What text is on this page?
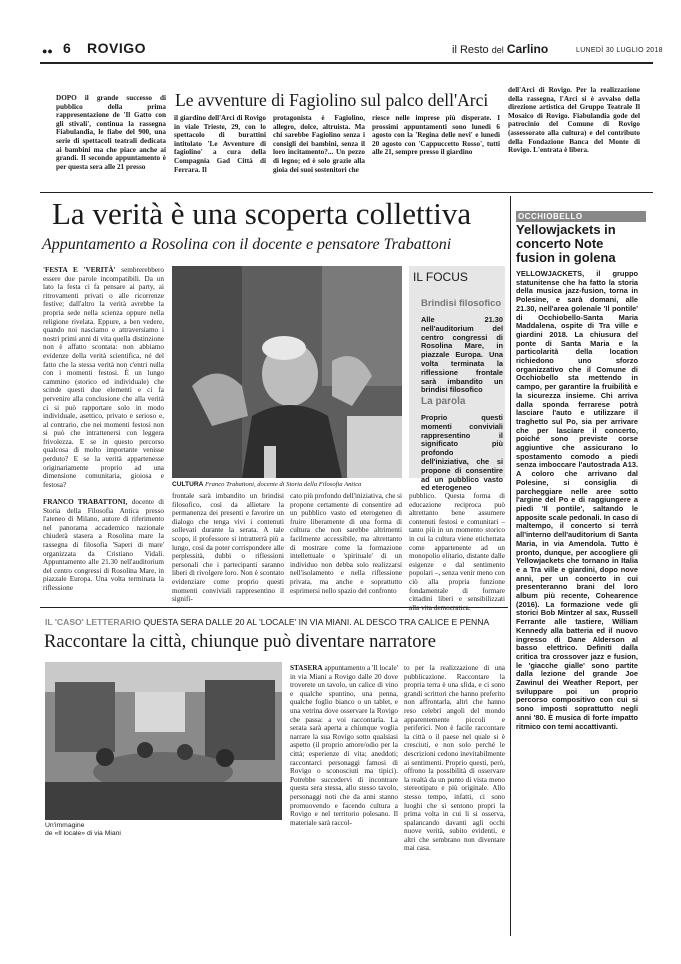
●● 6 ROVIGO	il Resto del Carlino	LUNEDÌ 30 LUGLIO 2018
DOPO il grande successo di pubblico della prima rappresentazione de 'Il Gatto con gli stivali', continua la rassegna Fiabulandia, le fiabe del 900, una serie di spettacoli teatrali dedicata ai bambini ma che piace anche ai grandi. Il secondo appuntamento è per questa sera alle 21 presso
Le avventure di Fagiolino sul palco dell'Arci
il giardino dell'Arci di Rovigo in viale Trieste, 29, con lo spettacolo di burattini intitolato 'Le Avventure di fagiolino' a cura della Compagnia Gad Città di Ferrara. Il
protagonista è Fagiolino, allegro, dolce, altruista. Ma chi sarebbe Fagiolino senza i consigli dei bambini, senza il loro incitamento?... Un pezzo di legno; ed è solo grazie alla gioia dei suoi sostenitori che
riesce nelle imprese più disperate. I prossimi appuntamenti sono lunedì 6 agosto con la 'Regina delle nevi' e lunedì 20 agosto con 'Cappuccetto Rosso', tutti alle 21, sempre presso il giardino
dell'Arci di Rovigo. Per la realizzazione della rassegna, l'Arci si è avvalso della direzione artistica del Gruppo Teatrale Il Mosaico di Rovigo. Fiabulandia gode del patrocinio del Comune di Rovigo (assessorato alla cultura) e del contributo della Fondazione Banca del Monte di Rovigo. L'entrata è libera.
La verità è una scoperta collettiva
Appuntamento a Rosolina con il docente e pensatore Trabattoni
'FESTA E 'VERITÀ' sembrerebbero essere due parole incompatibili. Da un lato la festa ci fa pensare ai party, ai ritrovamenti privati o alle ricorrenze festive; dall'altro la verità avrebbe la propria sede nella scienza oppure nella religione rivelata. Eppure, a ben vedere, quando noi nasciamo e attraversiamo i nostri primi anni di vita quella distinzione non è affatto scontata: non abbiamo evidenze della verità scientifica, né del fatto che la stessa verità non c'entri nulla con i momenti festosi. È un lungo cammino (storico ed individuale) che scinde questi due elementi e ci fa pervenire alla conclusione che alla verità ci si può rapportare solo in modo individuale, asettico, privato e serioso e, al contrario, che nei momenti festosi non si può che intrattenersi con leggera frivolezza. E se in questo percorso qualcosa di molto importante venisse perduto? E se la verità appartenesse originariamente proprio ad una dimensione comunitaria, gioiosa e festosa?
FRANCO TRABATTONI, docente di Storia della Filosofia Antica presso l'ateneo di Milano, autore di riferimento nel panorama accademico nazionale chiuderà stasera a Rosolina mare la rassegna di filosofia 'Saperi di mare' organizzata da Cristiano Vidali. Appuntamento alle 21.30 nell'auditorium del centro congressi di Rosolina Mare, in piazzale Europa. Una volta terminata la riflessione
CULTURA Franco Trabattoni, docente di Storia della Filosofia Antica
IL FOCUS
Brindisi filosofico
Alle 21.30 nell'auditorium del centro congressi di Rosolina Mare, in piazzale Europa. Una volta terminata la riflessione frontale sarà imbandito un brindisi filosofico
La parola
Proprio questi momenti conviviali rappresentino il significato più profondo dell'iniziativa, che si propone di consentire ad un pubblico vasto ed eterogeneo
frontale sarà imbandito un brindisi filosofico, così da allietare la permanenza dei presenti e favorire un dialogo che tenga vivi i contenuti sollevati durante la serata. A tale scopo, il professore si intratterrà più a lungo, così da poter corrispondere alle perplessità, dubbi o riflessioni personali che i partecipanti saranno liberi di rivolgere loro. Non è scontato evidenziare come proprio questi momenti conviviali rappresentino il signifi-
cato più profondo dell'iniziativa, che si propone certamente di consentire ad un pubblico vasto ed eterogeneo di fruire liberamente di una forma di cultura che non sarebbe altrimenti facilmente accessibile, ma altrettanto di mostrare come la formazione intellettuale e 'spirituale' di un individuo non debba solo realizzarsi nell'isolamento e nella riflessione privata, ma anche e soprattutto esprimersi nello spazio del confronto
pubblico. Questa forma di educazione reciproca può altrettanto bene assumere contenuti festosi e comunitari – tanto più in un momento storico in cui la cultura viene etichettata come appartenente ad un monopolio elitario, distante dalle esigenze e dal sentimento popolari –, senza venir meno con ciò alla propria funzione fondamentale di formare cittadini liberi e sensibilizzati
OCCHIOBELLO
Yellowjackets in concerto Note fusion in golena
YELLOWJACKETS, il gruppo statunitense che ha fatto la storia della musica jazz-fusion, torna in Polesine, e sarà domani, alle 21.30, nell'area golenale 'Il pontile' di Occhiobello-Santa Maria Maddalena, ospite di Tra ville e giardini 2018. La chiusura del ponte di Santa Maria e la particolarità della location richiedono uno sforzo organizzativo che il Comune di Occhiobello sta mettendo in campo, per garantire la fruibilità e la sicurezza insieme. Chi arriva dalla sponda ferrarese potrà lasciare l'auto e utilizzare il traghetto sul Po, sia per arrivare che per lasciare il concerto, poiché sono previste corse aggiuntive che assicurano lo spostamento comodo a piedi senza imboccare l'autostrada A13. A coloro che arrivano dal Polesine, si consiglia di parcheggiare nelle aree sotto l'argine del Po e di raggiungere a piedi 'Il pontile', saltando le apposite scale pedonali. In caso di maltempo, il concerto si terrà all'interno dell'auditorium di Santa Maria, in via Amendola. Tutto è pronto, dunque, per accogliere gli Yellowjackets che tornano in Italia e a Tra ville e giardini, dopo nove anni, per un concerto in cui presenteranno brani del loro album più recente, Cohearence (2016). La formazione vede gli storici Bob Mintzer al sax, Russell Ferrante alle tastiere, William Kennedy alla batteria ed il nuovo ingresso di Dane Alderson al basso elettrico. Definiti dalla critica tra crossover jazz e fusion, le 'giacche gialle' sono partite dalla lezione del grande Joe Zawinul dei Weather Report, per sviluppare poi un proprio percorso compositivo con cui si sono imposti soprattutto negli anni '80. È musica di forte impatto ritmico con temi accattivanti.
IL 'CASO' LETTERARIO QUESTA SERA DALLE 20 AL 'LOCALE' IN VIA MIANI. AL DESCO TRA CALICE E PENNA
Raccontare la città, chiunque può diventare narratore
Un'immagine
de «Il locale» di via Miani
STASERA appuntamento a 'Il locale' in via Miani a Rovigo dalle 20 dove troverete un tavolo, un calice di vino e qualche spuntino, una penna, qualche foglio bianco o un tablet, e una vetrina dove osservare la Rovigo che passa: a voi raccontarla. La serata sarà aperta a chiunque voglia narrare la sua Rovigo sotto qualsiasi aspetto (il proprio amore/odio per la città; esperienze di vita; aneddoti; raccontarci personaggi famosi di Rovigo o sconosciuti ma tipici). Potrebbe succedervi di incontrare questa sera stessa, allo stesso tavolo, personaggi noti che da anni stanno promuovendo e facendo cultura a Rovigo e nel territorio polesano. Il materiale sarà raccol-
to per la realizzazione di una pubblicazione. Raccontare la propria terra è una sfida, e ci sono grandi scrittori che hanno preferito non affrontarla, altri che hanno reso celebri angoli del mondo apparentemente piccoli e periferici. Non è facile raccontare la città o il paese nel quale si è cresciuti, e non solo perché le descrizioni cedono inevitabilmente ai sentimenti. Proprio questi, però, offrono la possibilità di osservare la realtà da un punto di vista meno stereotipato e più originale. Allo stesso tempo, infatti, ci sono luoghi che si sentono propri la prima volta in cui li si osserva, spalancando davanti agli occhi nuove verità, subito evidenti, e altri che sembrano non diventare mai casa.
